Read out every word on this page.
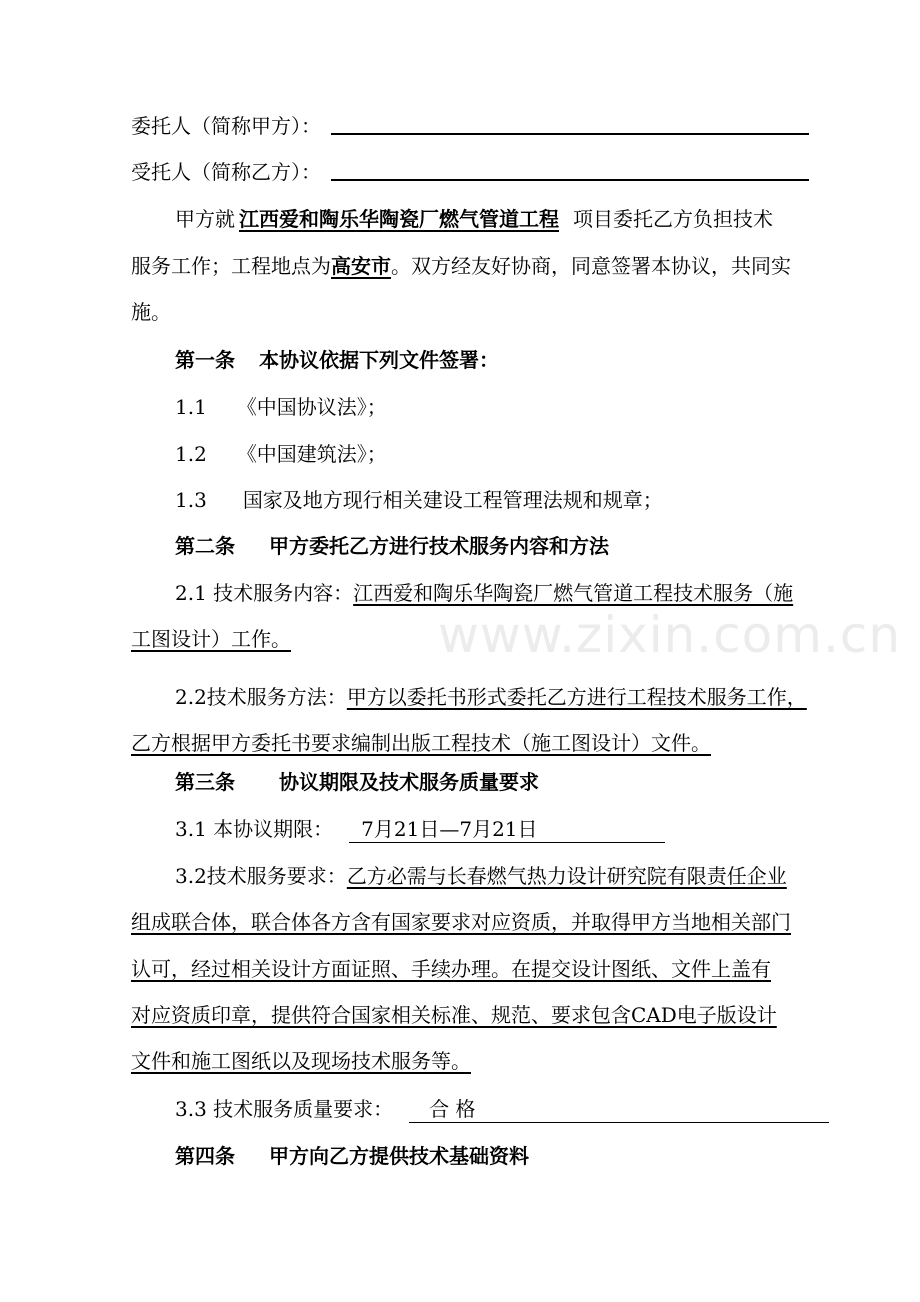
委托人（简称甲方）：
受托人（简称乙方）：
甲方就 江西爱和陶乐华陶瓷厂燃气管道工程 项目委托乙方负担技术
服务工作；工程地点为高安市。双方经友好协商，同意签署本协议，共同实
施。
第一条 本协议依据下列文件签署：
1.1 《中国协议法》；
1.2 《中国建筑法》；
1.3 国家及地方现行相关建设工程管理法规和规章；
第二条 甲方委托乙方进行技术服务内容和方法
2.1 技术服务内容：江西爱和陶乐华陶瓷厂燃气管道工程技术服务（施
工图设计）工作。	www.zixin.com.cn
2.2技术服务方法：甲方以委托书形式委托乙方进行工程技术服务工作，
乙方根据甲方委托书要求编制出版工程技术（施工图设计）文件。
第三条 协议期限及技术服务质量要求
3.1 本协议期限： 7月21日—7月21日
3.2技术服务要求：乙方必需与长春燃气热力设计研究院有限责任企业
组成联合体，联合体各方含有国家要求对应资质，并取得甲方当地相关部门
认可，经过相关设计方面证照、手续办理。在提交设计图纸、文件上盖有
对应资质印章，提供符合国家相关标准、规范、要求包含CAD电子版设计
文件和施工图纸以及现场技术服务等。
3.3 技术服务质量要求： 合 格
第四条 甲方向乙方提供技术基础资料
